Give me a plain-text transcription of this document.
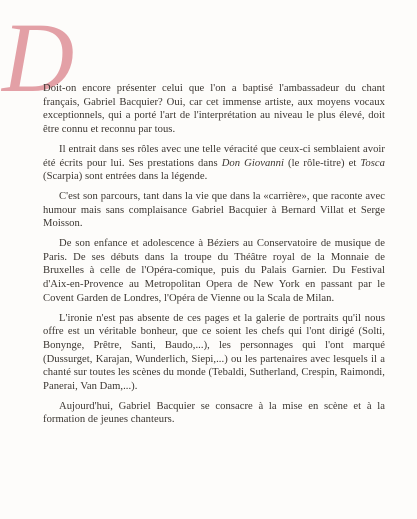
D

Doit-on encore présenter celui que l'on a baptisé l'ambassadeur du chant français, Gabriel Bacquier? Oui, car cet immense artiste, aux moyens vocaux exceptionnels, qui a porté l'art de l'interprétation au niveau le plus élevé, doit être connu et reconnu par tous.

Il entrait dans ses rôles avec une telle véracité que ceux-ci semblaient avoir été écrits pour lui. Ses prestations dans Don Giovanni (le rôle-titre) et Tosca (Scarpia) sont entrées dans la légende.

C'est son parcours, tant dans la vie que dans la «carrière», que raconte avec humour mais sans complaisance Gabriel Bacquier à Bernard Villat et Serge Moisson.

De son enfance et adolescence à Béziers au Conservatoire de musique de Paris. De ses débuts dans la troupe du Théâtre royal de la Monnaie de Bruxelles à celle de l'Opéra-comique, puis du Palais Garnier. Du Festival d'Aix-en-Provence au Metropolitan Opera de New York en passant par le Covent Garden de Londres, l'Opéra de Vienne ou la Scala de Milan.

L'ironie n'est pas absente de ces pages et la galerie de portraits qu'il nous offre est un véritable bonheur, que ce soient les chefs qui l'ont dirigé (Solti, Bonynge, Prêtre, Santi, Baudo,...), les personnages qui l'ont marqué (Dussurget, Karajan, Wunderlich, Siepi,...) ou les partenaires avec lesquels il a chanté sur toutes les scènes du monde (Tebaldi, Sutherland, Crespin, Raimondi, Panerai, Van Dam,...).

Aujourd'hui, Gabriel Bacquier se consacre à la mise en scène et à la formation de jeunes chanteurs.
